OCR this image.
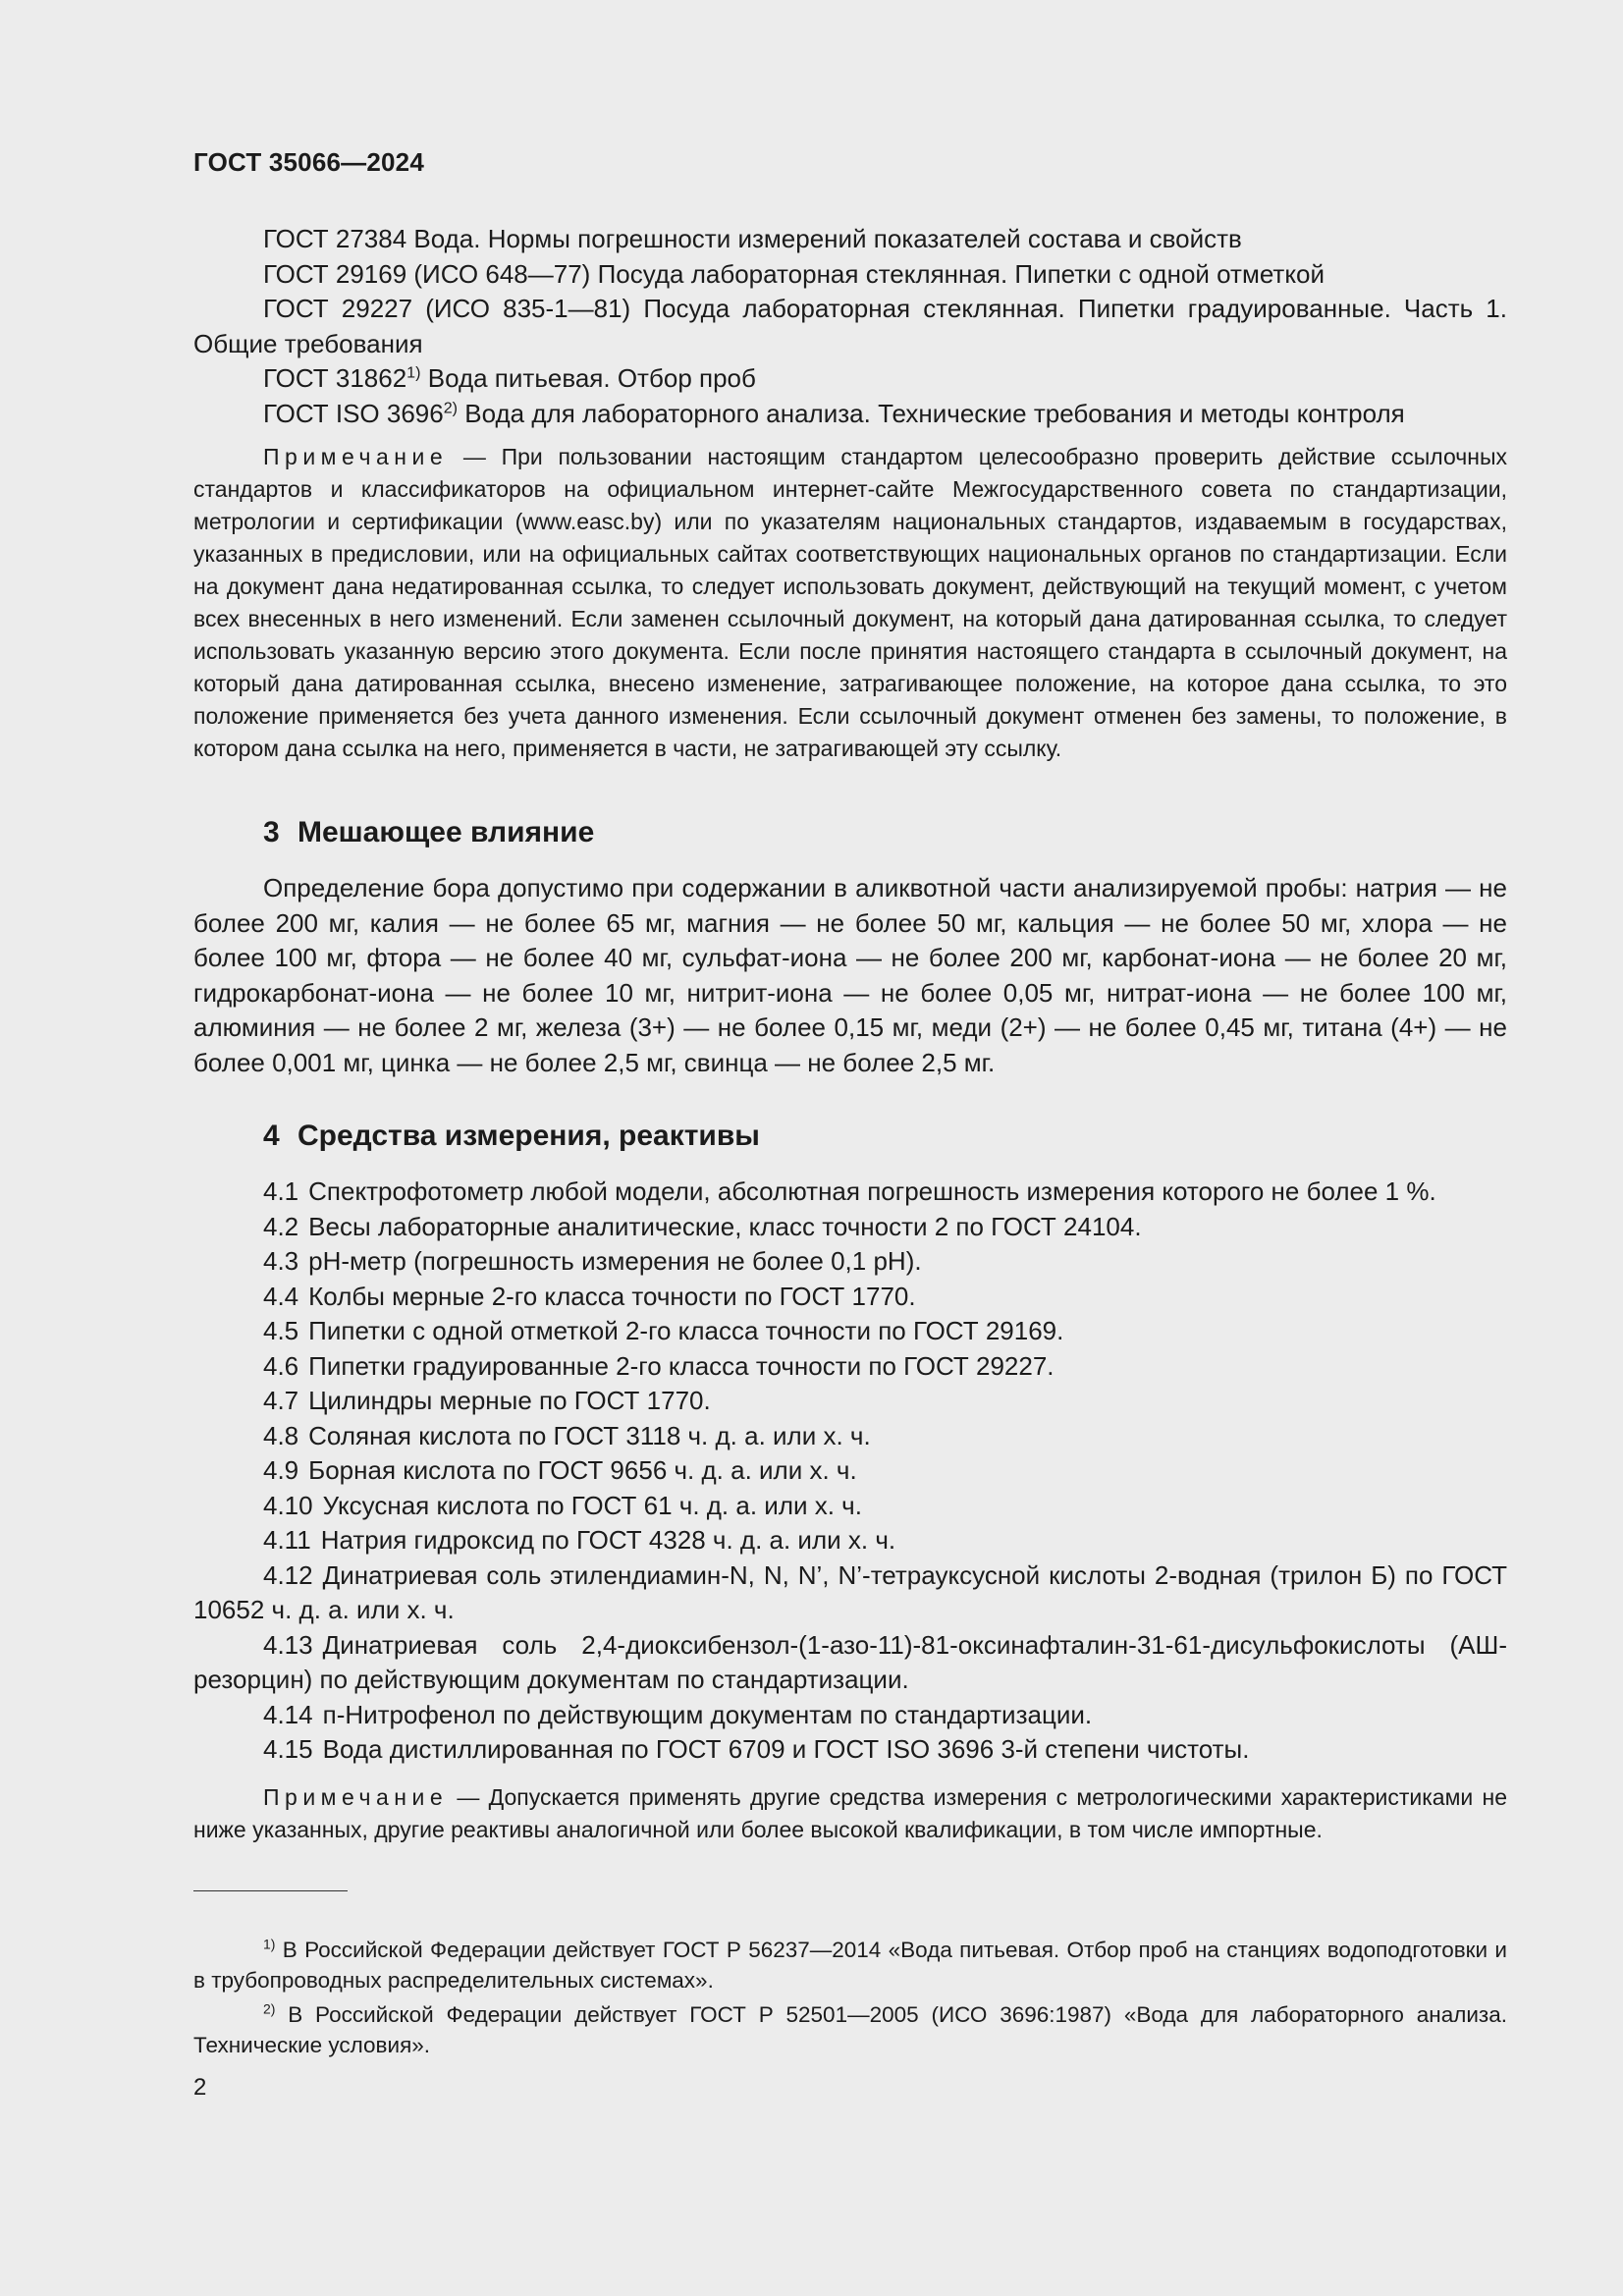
ГОСТ 35066—2024

ГОСТ 27384 Вода. Нормы погрешности измерений показателей состава и свойств

ГОСТ 29169 (ИСО 648—77) Посуда лабораторная стеклянная. Пипетки с одной отметкой

ГОСТ 29227 (ИСО 835-1—81) Посуда лабораторная стеклянная. Пипетки градуированные. Часть 1. Общие требования

ГОСТ 31862$^{1)}$ Вода питьевая. Отбор проб

ГОСТ ISO 3696$^{2)}$ Вода для лабораторного анализа. Технические требования и методы контроля

Примечание — При пользовании настоящим стандартом целесообразно проверить действие ссылочных стандартов и классификаторов на официальном интернет-сайте Межгосударственного совета по стандартизации, метрологии и сертификации (www.easc.by) или по указателям национальных стандартов, издаваемым в государствах, указанных в предисловии, или на официальных сайтах соответствующих национальных органов по стандартизации. Если на документ дана недатированная ссылка, то следует использовать документ, действующий на текущий момент, с учетом всех внесенных в него изменений. Если заменен ссылочный документ, на который дана датированная ссылка, то следует использовать указанную версию этого документа. Если после принятия настоящего стандарта в ссылочный документ, на который дана датированная ссылка, внесено изменение, затрагивающее положение, на которое дана ссылка, то это положение применяется без учета данного изменения. Если ссылочный документ отменен без замены, то положение, в котором дана ссылка на него, применяется в части, не затрагивающей эту ссылку.

3 Мешающее влияние

Определение бора допустимо при содержании в аликвотной части анализируемой пробы: натрия — не более 200 мг, калия — не более 65 мг, магния — не более 50 мг, кальция — не более 50 мг, хлора — не более 100 мг, фтора — не более 40 мг, сульфат-иона — не более 200 мг, карбонат-иона — не более 20 мг, гидрокарбонат-иона — не более 10 мг, нитрит-иона — не более 0,05 мг, нитрат-иона — не более 100 мг, алюминия — не более 2 мг, железа (3+) — не более 0,15 мг, меди (2+) — не более 0,45 мг, титана (4+) — не более 0,001 мг, цинка — не более 2,5 мг, свинца — не более 2,5 мг.

4 Средства измерения, реактивы

4.1 Спектрофотометр любой модели, абсолютная погрешность измерения которого не более 1 %.

4.2 Весы лабораторные аналитические, класс точности 2 по ГОСТ 24104.

4.3 pH-метр (погрешность измерения не более 0,1 pH).

4.4 Колбы мерные 2-го класса точности по ГОСТ 1770.

4.5 Пипетки с одной отметкой 2-го класса точности по ГОСТ 29169.

4.6 Пипетки градуированные 2-го класса точности по ГОСТ 29227.

4.7 Цилиндры мерные по ГОСТ 1770.

4.8 Соляная кислота по ГОСТ 3118 ч. д. а. или х. ч.

4.9 Борная кислота по ГОСТ 9656 ч. д. а. или х. ч.

4.10 Уксусная кислота по ГОСТ 61 ч. д. а. или х. ч.

4.11 Натрия гидроксид по ГОСТ 4328 ч. д. а. или х. ч.

4.12 Динатриевая соль этилендиамин-N, N, N’, N’-тетрауксусной кислоты 2-водная (трилон Б) по ГОСТ 10652 ч. д. а. или х. ч.

4.13 Динатриевая соль 2,4-диоксибензол-(1-азо-11)-81-оксинафталин-31-61-дисульфокислоты (АШ-резорцин) по действующим документам по стандартизации.

4.14 п-Нитрофенол по действующим документам по стандартизации.

4.15 Вода дистиллированная по ГОСТ 6709 и ГОСТ ISO 3696 3-й степени чистоты.

Примечание — Допускается применять другие средства измерения с метрологическими характеристиками не ниже указанных, другие реактивы аналогичной или более высокой квалификации, в том числе импортные.

$^{1)}$ В Российской Федерации действует ГОСТ Р 56237—2014 «Вода питьевая. Отбор проб на станциях водоподготовки и в трубопроводных распределительных системах».

$^{2)}$ В Российской Федерации действует ГОСТ Р 52501—2005 (ИСО 3696:1987) «Вода для лабораторного анализа. Технические условия».

2
